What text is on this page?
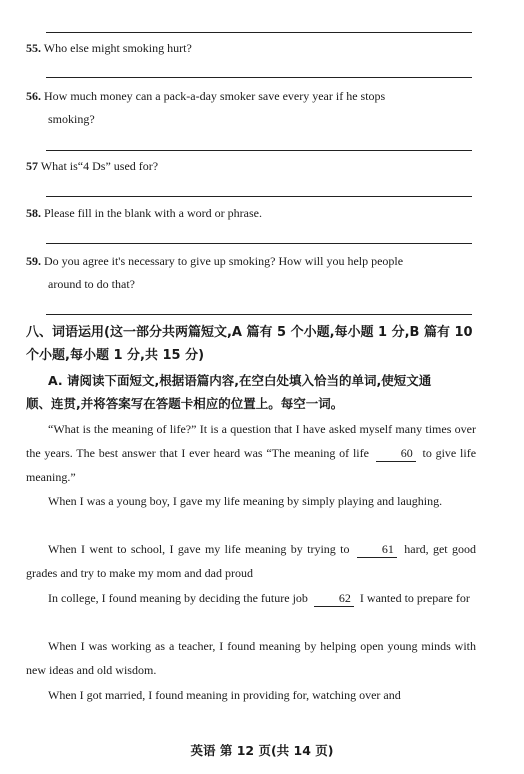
55. Who else might smoking hurt?
56. How much money can a pack-a-day smoker save every year if he stops
smoking?
57 What is“4 Ds” used for?
58. Please fill in the blank with a word or phrase.
59. Do you agree it's necessary to give up smoking? How will you help people
around to do that?
八、词语运用(这一部分共两篇短文,A 篇有 5 个小题,每小题 1 分,B 篇有 10
个小题,每小题 1 分,共 15 分)
A. 请阅读下面短文,根据语篇内容,在空白处填入恰当的单词,使短文通
顺、连贯,并将答案写在答题卡相应的位置上。每空一词。
“What is the meaning of life?” It is a question that I have asked myself many times over the years. The best answer that I ever heard was “The meaning of life	60 to give life meaning.”
When I was a young boy, I gave my life meaning by simply playing and laughing.
When I went to school, I gave my life meaning by trying to	61 hard, get good grades and try to make my mom and dad proud
In college, I found meaning by deciding the future job	62 I wanted to prepare for
When I was working as a teacher, I found meaning by helping open young minds with new ideas and old wisdom.
When I got married, I found meaning in providing for, watching over and
英语 第 12 页(共 14 页)
